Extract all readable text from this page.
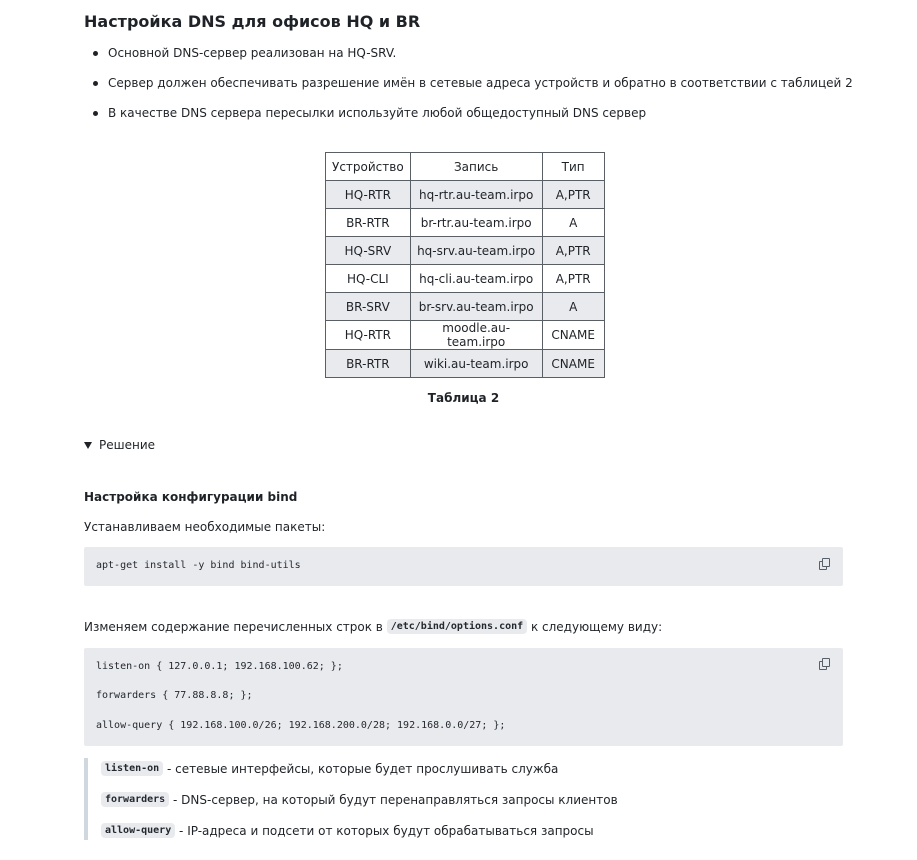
Настройка DNS для офисов HQ и BR
Основной DNS-сервер реализован на HQ-SRV.
Сервер должен обеспечивать разрешение имён в сетевые адреса устройств и обратно в соответствии с таблицей 2
В качестве DNS сервера пересылки используйте любой общедоступный DNS сервер
Устройство	Запись	Тип
HQ-RTR	hq-rtr.au-team.irpo	A,PTR
BR-RTR	br-rtr.au-team.irpo	A
HQ-SRV	hq-srv.au-team.irpo	A,PTR
HQ-CLI	hq-cli.au-team.irpo	A,PTR
BR-SRV	br-srv.au-team.irpo	A
HQ-RTR	moodle.au-team.irpo	CNAME
BR-RTR	wiki.au-team.irpo	CNAME
Таблица 2
Решение
Настройка конфигурации bind
Устанавливаем необходимые пакеты:
apt-get install -y bind bind-utils
Изменяем содержание перечисленных строк в /etc/bind/options.conf к следующему виду:
listen-on { 127.0.0.1; 192.168.100.62; };
forwarders { 77.88.8.8; };
allow-query { 192.168.100.0/26; 192.168.200.0/28; 192.168.0.0/27; };
listen-on - сетевые интерфейсы, которые будет прослушивать служба
forwarders - DNS-сервер, на который будут перенаправляться запросы клиентов
allow-query - IP-адреса и подсети от которых будут обрабатываться запросы
